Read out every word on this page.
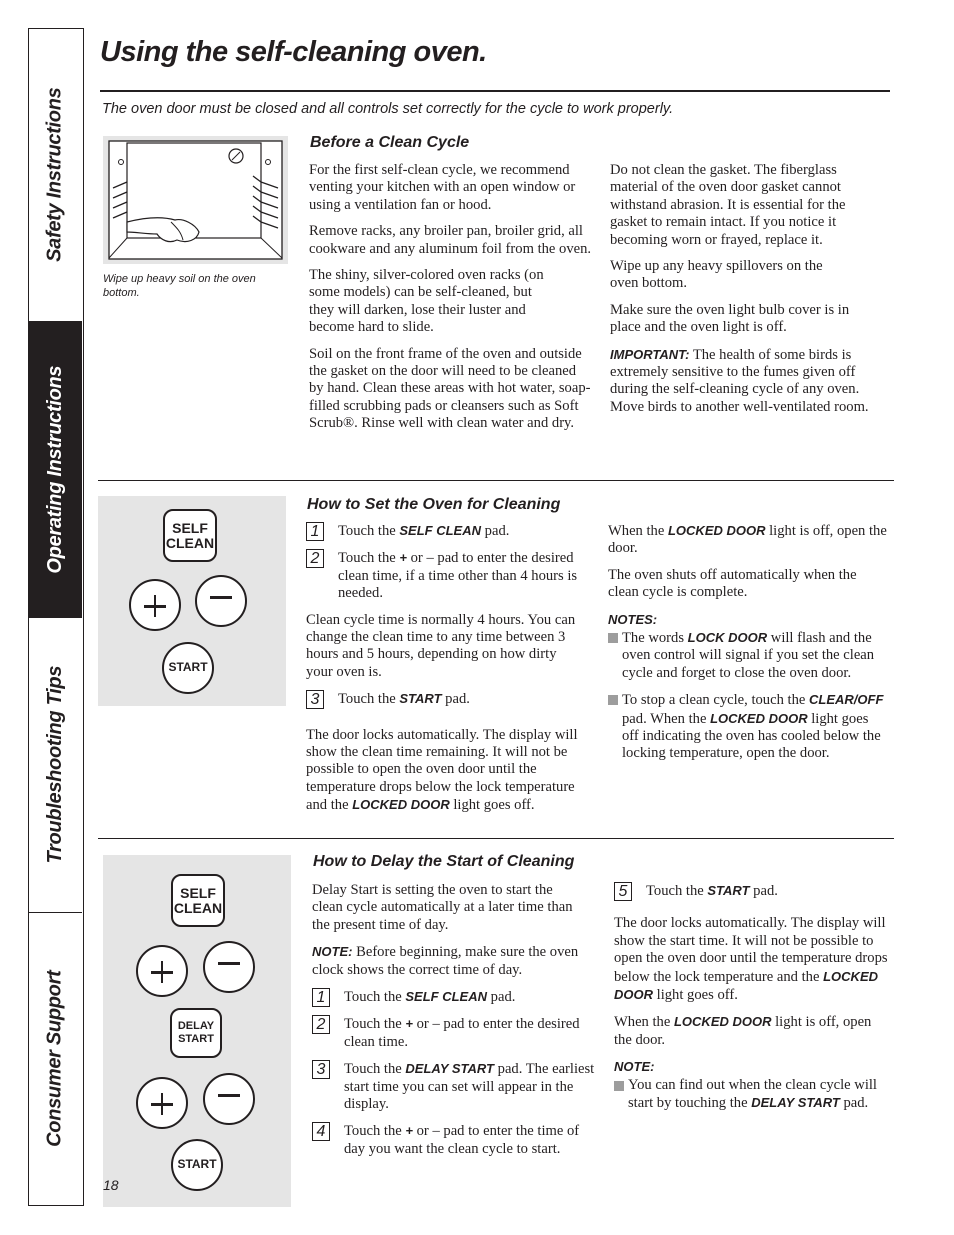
Safety Instructions
Operating Instructions
Troubleshooting Tips
Consumer Support
Using the self-cleaning oven.
The oven door must be closed and all controls set correctly for the cycle to work properly.
Wipe up heavy soil on the oven bottom.
Before a Clean Cycle

For the first self-clean cycle, we recommend venting your kitchen with an open window or using a ventilation fan or hood.

Remove racks, any broiler pan, broiler grid, all cookware and any aluminum foil from the oven.

The shiny, silver-colored oven racks (on some models) can be self-cleaned, but they will darken, lose their luster and become hard to slide.

Soil on the front frame of the oven and outside the gasket on the door will need to be cleaned by hand. Clean these areas with hot water, soap-filled scrubbing pads or cleansers such as Soft Scrub®. Rinse well with clean water and dry.

Do not clean the gasket. The fiberglass material of the oven door gasket cannot withstand abrasion. It is essential for the gasket to remain intact. If you notice it becoming worn or frayed, replace it.

Wipe up any heavy spillovers on the oven bottom.

Make sure the oven light bulb cover is in place and the oven light is off.

IMPORTANT: The health of some birds is extremely sensitive to the fumes given off during the self-cleaning cycle of any oven. Move birds to another well-ventilated room.

SELF
CLEAN
START
How to Set the Oven for Cleaning
1	Touch the SELF CLEAN pad.
2	Touch the + or – pad to enter the desired clean time, if a time other than 4 hours is needed.

Clean cycle time is normally 4 hours. You can change the clean time to any time between 3 hours and 5 hours, depending on how dirty your oven is.

3	Touch the START pad.

The door locks automatically. The display will show the clean time remaining. It will not be possible to open the oven door until the temperature drops below the lock temperature and the LOCKED DOOR light goes off.

When the LOCKED DOOR light is off, open the door.

The oven shuts off automatically when the clean cycle is complete.

NOTES:
The words LOCK DOOR will flash and the oven control will signal if you set the clean cycle and forget to close the oven door.
To stop a clean cycle, touch the CLEAR/OFF pad. When the LOCKED DOOR light goes off indicating the oven has cooled below the locking temperature, open the door.
SELF
CLEAN
DELAY
START
START
18
How to Delay the Start of Cleaning

Delay Start is setting the oven to start the clean cycle automatically at a later time than the present time of day.

NOTE: Before beginning, make sure the oven clock shows the correct time of day.

1	Touch the SELF CLEAN pad.
2	Touch the + or – pad to enter the desired clean time.
3	Touch the DELAY START pad. The earliest start time you can set will appear in the display.
4	Touch the + or – pad to enter the time of day you want the clean cycle to start.
5	Touch the START pad.

The door locks automatically. The display will show the start time. It will not be possible to open the oven door until the temperature drops below the lock temperature and the LOCKED DOOR light goes off.

When the LOCKED DOOR light is off, open the door.

NOTE:
You can find out when the clean cycle will start by touching the DELAY START pad.
